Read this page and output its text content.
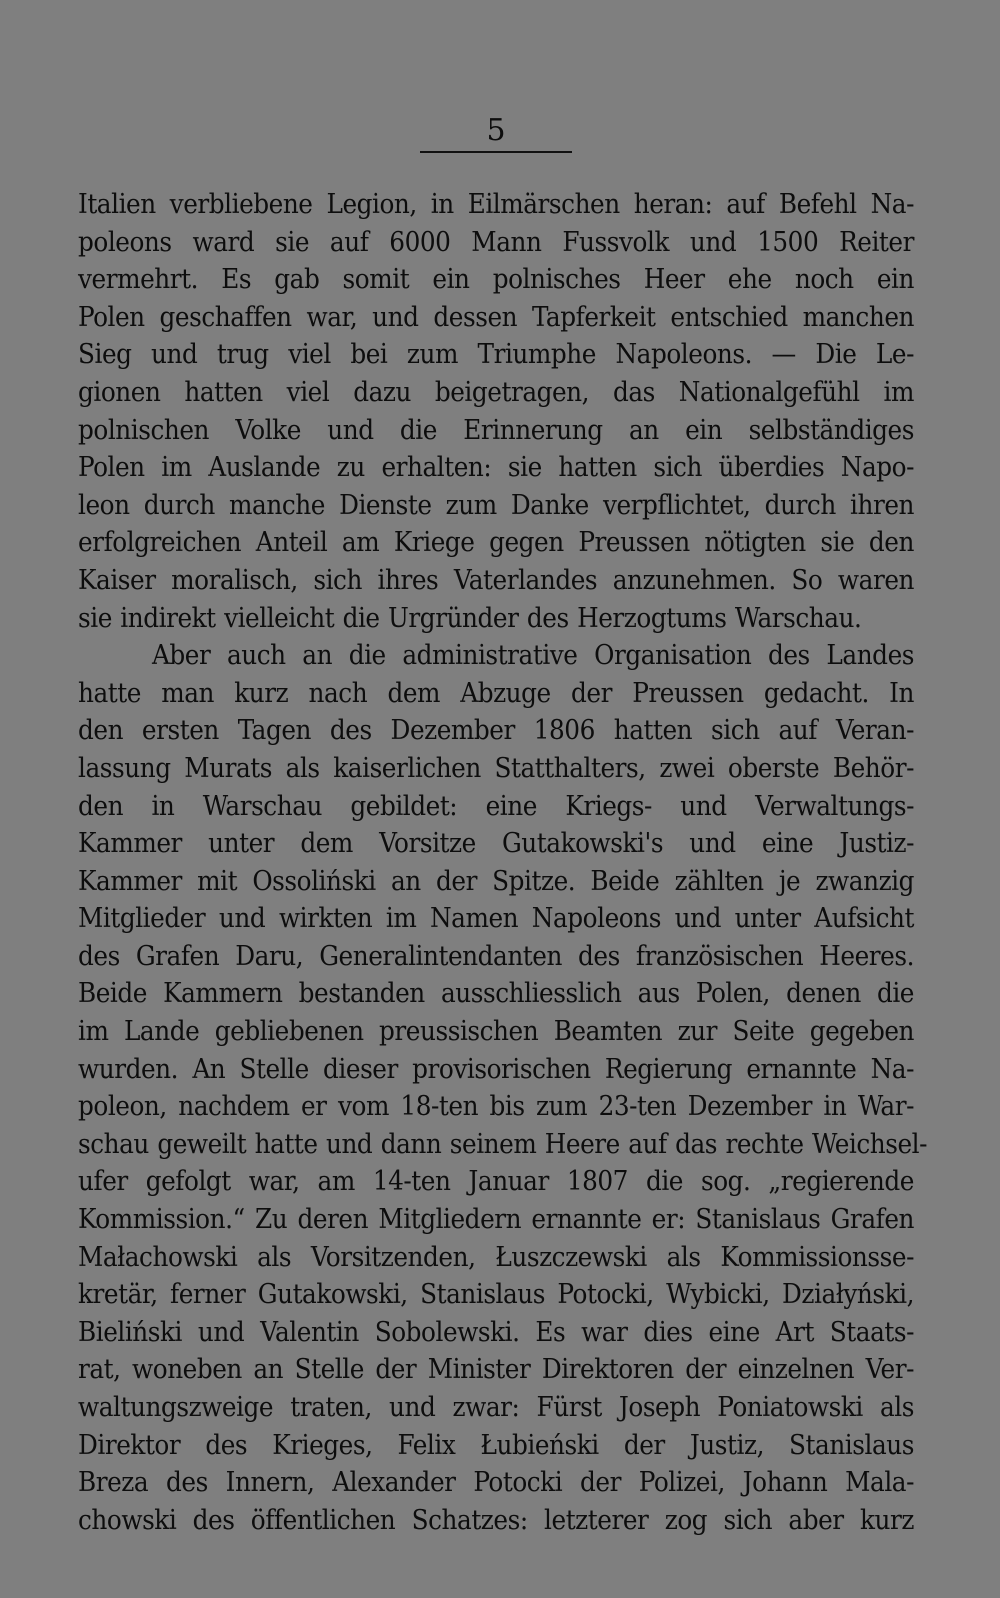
5
Italien verbliebene Legion, in Eilmärschen heran: auf Befehl Na-
poleons ward sie auf 6000 Mann Fussvolk und 1500 Reiter
vermehrt. Es gab somit ein polnisches Heer ehe noch ein
Polen geschaffen war, und dessen Tapferkeit entschied manchen
Sieg und trug viel bei zum Triumphe Napoleons. — Die Le-
gionen hatten viel dazu beigetragen, das Nationalgefühl im
polnischen Volke und die Erinnerung an ein selbständiges
Polen im Auslande zu erhalten: sie hatten sich überdies Napo-
leon durch manche Dienste zum Danke verpflichtet, durch ihren
erfolgreichen Anteil am Kriege gegen Preussen nötigten sie den
Kaiser moralisch, sich ihres Vaterlandes anzunehmen. So waren
sie indirekt vielleicht die Urgründer des Herzogtums Warschau.
Aber auch an die administrative Organisation des Landes
hatte man kurz nach dem Abzuge der Preussen gedacht. In
den ersten Tagen des Dezember 1806 hatten sich auf Veran-
lassung Murats als kaiserlichen Statthalters, zwei oberste Behör-
den in Warschau gebildet: eine Kriegs- und Verwaltungs-
Kammer unter dem Vorsitze Gutakowski's und eine Justiz-
Kammer mit Ossoliński an der Spitze. Beide zählten je zwanzig
Mitglieder und wirkten im Namen Napoleons und unter Aufsicht
des Grafen Daru, Generalintendanten des französischen Heeres.
Beide Kammern bestanden ausschliesslich aus Polen, denen die
im Lande gebliebenen preussischen Beamten zur Seite gegeben
wurden. An Stelle dieser provisorischen Regierung ernannte Na-
poleon, nachdem er vom 18-ten bis zum 23-ten Dezember in War-
schau geweilt hatte und dann seinem Heere auf das rechte Weichsel-
ufer gefolgt war, am 14-ten Januar 1807 die sog. „regierende
Kommission.“ Zu deren Mitgliedern ernannte er: Stanislaus Grafen
Małachowski als Vorsitzenden, Łuszczewski als Kommissionsse-
kretär, ferner Gutakowski, Stanislaus Potocki, Wybicki, Działyński,
Bieliński und Valentin Sobolewski. Es war dies eine Art Staats-
rat, woneben an Stelle der Minister Direktoren der einzelnen Ver-
waltungszweige traten, und zwar: Fürst Joseph Poniatowski als
Direktor des Krieges, Felix Łubieński der Justiz, Stanislaus
Breza des Innern, Alexander Potocki der Polizei, Johann Mala-
chowski des öffentlichen Schatzes: letzterer zog sich aber kurz
